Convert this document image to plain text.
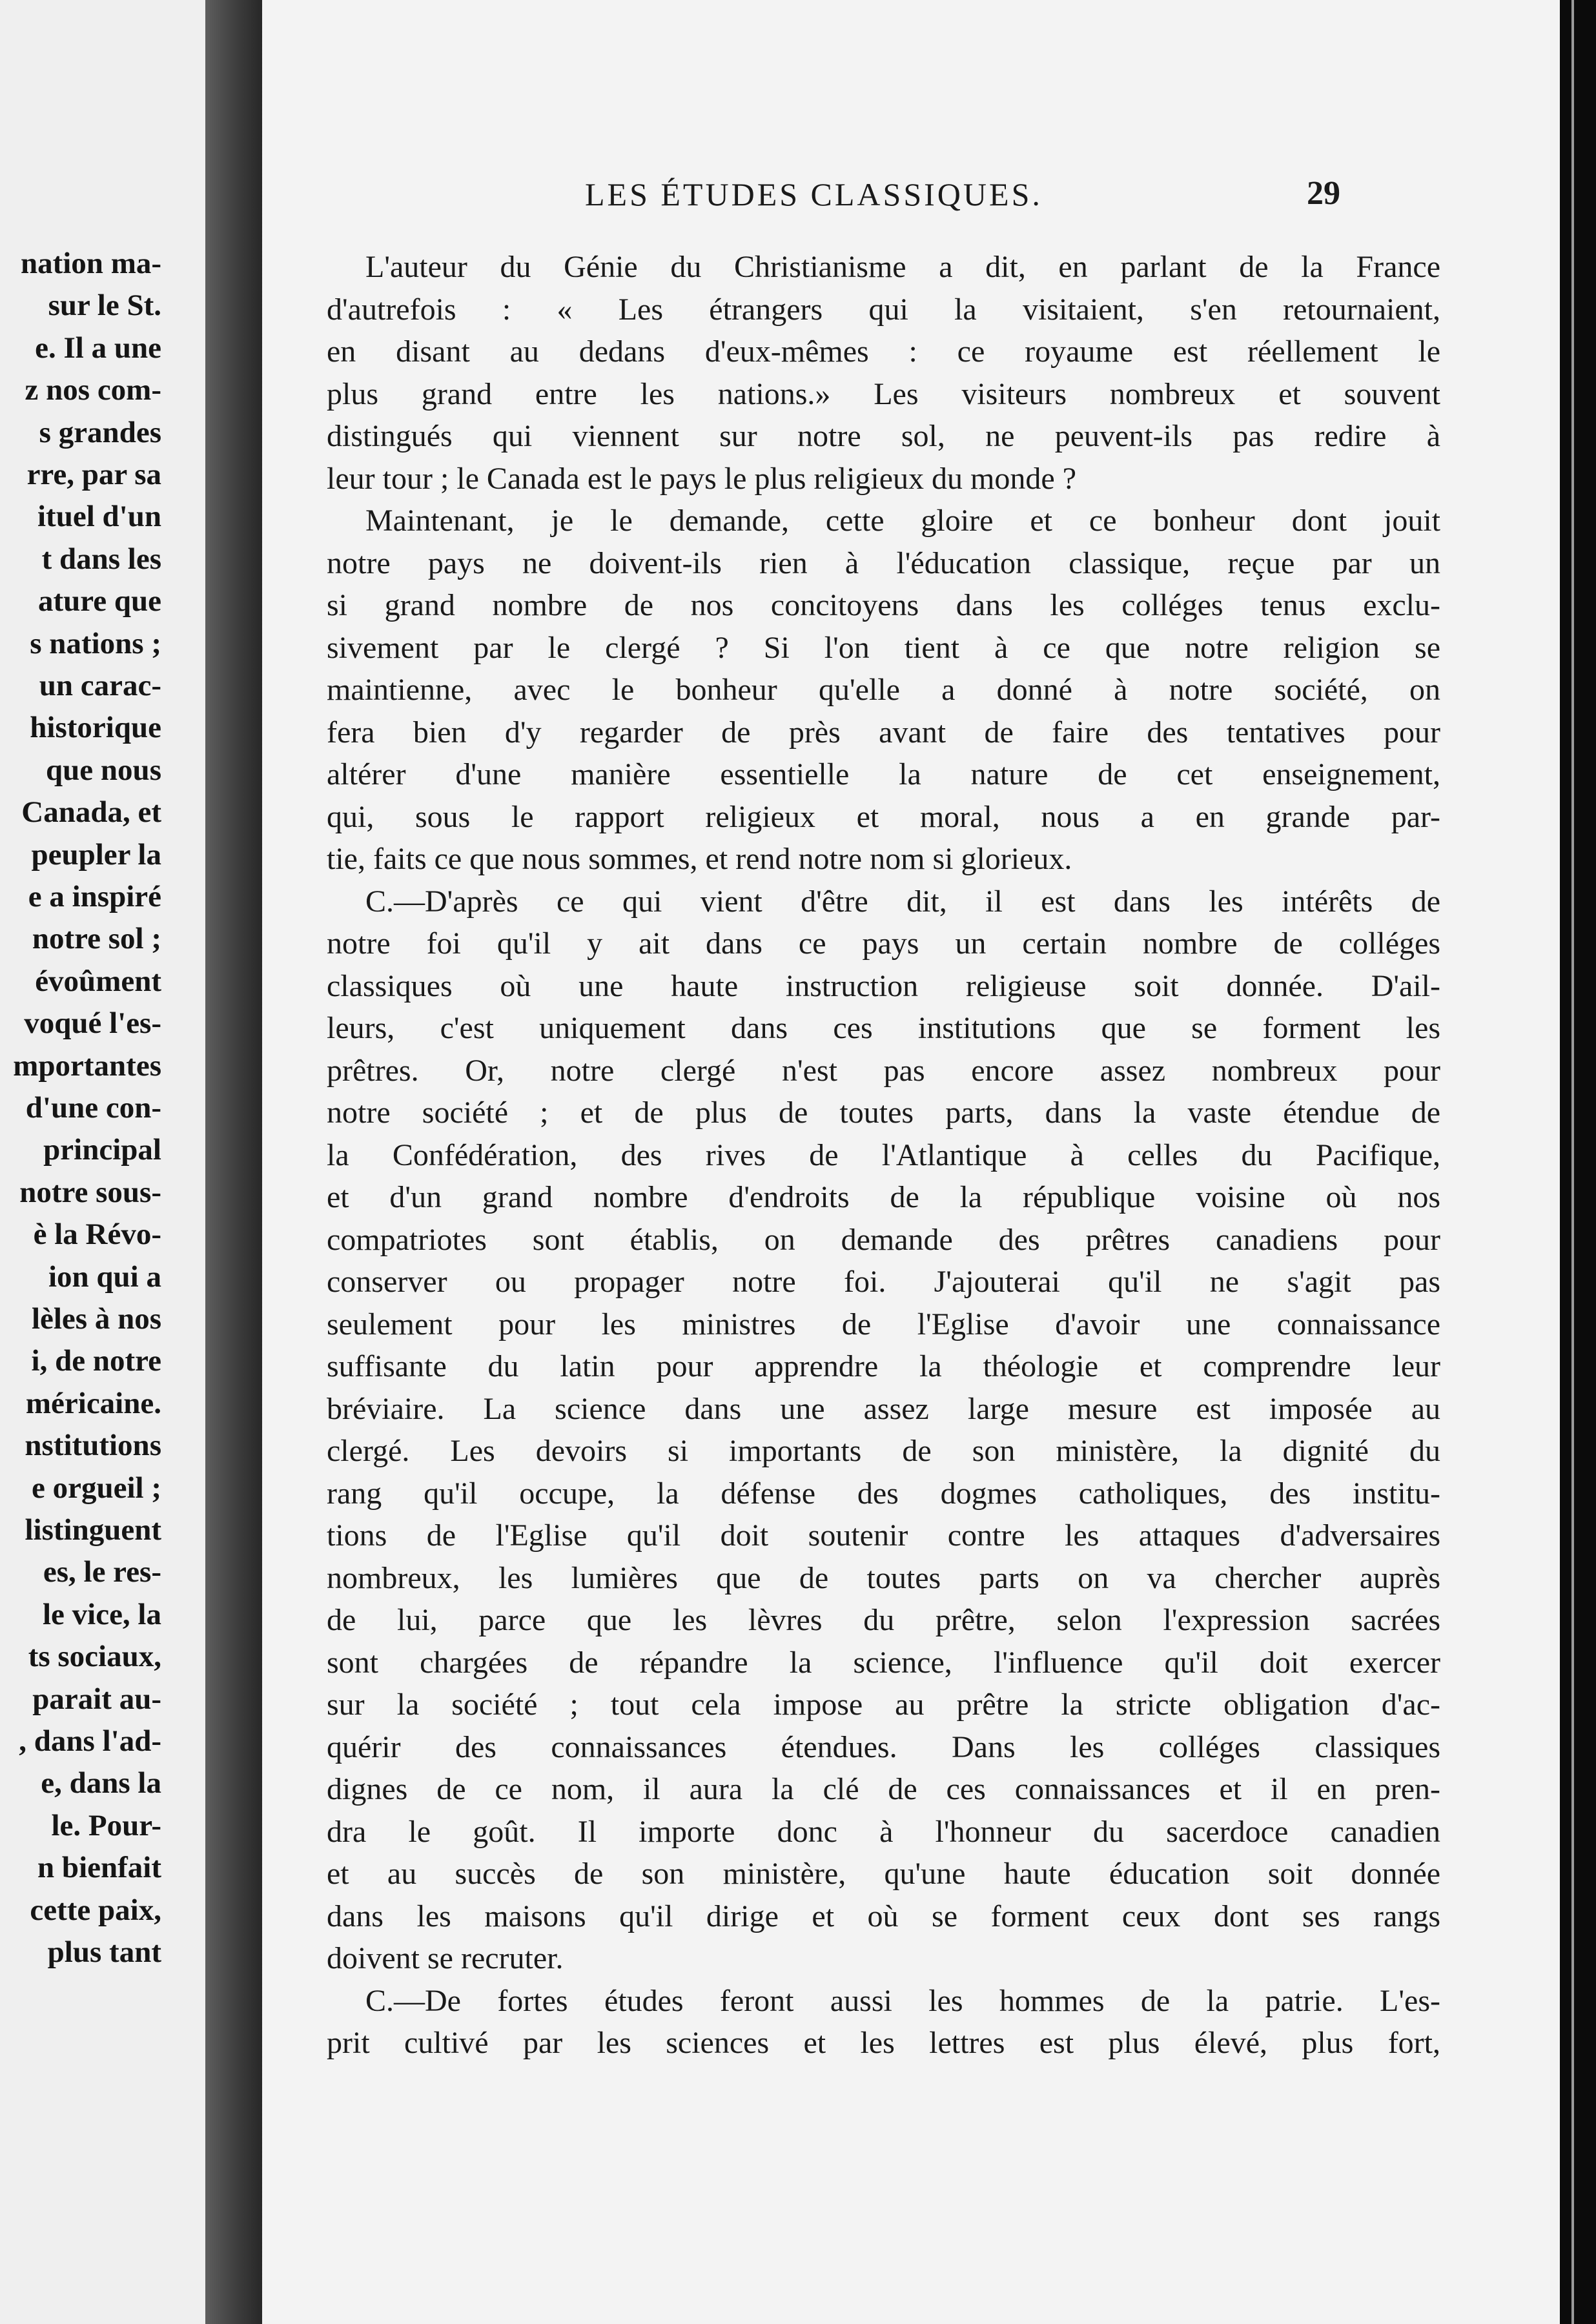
nation ma-
sur le St.
e. Il a une
z nos com-
s grandes
rre, par sa
ituel d'un
t dans les
ature que
s nations ;
un carac-
historique
que nous
Canada, et
peupler la
e a inspiré
notre sol ;
évoûment
voqué l'es-
mportantes
d'une con-
principal
notre sous-
è la Révo-
ion qui a
lèles à nos
i, de notre
méricaine.
nstitutions
e orgueil ;
listinguent
es, le res-
le vice, la
ts sociaux,
parait au-
, dans l'ad-
e, dans la
le. Pour-
n bienfait
cette paix,
plus tant
LES ÉTUDES CLASSIQUES.	29
L'auteur du Génie du Christianisme a dit, en parlant de la France
d'autrefois : « Les étrangers qui la visitaient, s'en retournaient,
en disant au dedans d'eux-mêmes : ce royaume est réellement le
plus grand entre les nations.» Les visiteurs nombreux et souvent
distingués qui viennent sur notre sol, ne peuvent-ils pas redire à
leur tour ; le Canada est le pays le plus religieux du monde ?
Maintenant, je le demande, cette gloire et ce bonheur dont jouit
notre pays ne doivent-ils rien à l'éducation classique, reçue par un
si grand nombre de nos concitoyens dans les colléges tenus exclu-
sivement par le clergé ? Si l'on tient à ce que notre religion se
maintienne, avec le bonheur qu'elle a donné à notre société, on
fera bien d'y regarder de près avant de faire des tentatives pour
altérer d'une manière essentielle la nature de cet enseignement,
qui, sous le rapport religieux et moral, nous a en grande par-
tie, faits ce que nous sommes, et rend notre nom si glorieux.
C.—D'après ce qui vient d'être dit, il est dans les intérêts de
notre foi qu'il y ait dans ce pays un certain nombre de colléges
classiques où une haute instruction religieuse soit donnée. D'ail-
leurs, c'est uniquement dans ces institutions que se forment les
prêtres. Or, notre clergé n'est pas encore assez nombreux pour
notre société ; et de plus de toutes parts, dans la vaste étendue de
la Confédération, des rives de l'Atlantique à celles du Pacifique,
et d'un grand nombre d'endroits de la république voisine où nos
compatriotes sont établis, on demande des prêtres canadiens pour
conserver ou propager notre foi. J'ajouterai qu'il ne s'agit pas
seulement pour les ministres de l'Eglise d'avoir une connaissance
suffisante du latin pour apprendre la théologie et comprendre leur
bréviaire. La science dans une assez large mesure est imposée au
clergé. Les devoirs si importants de son ministère, la dignité du
rang qu'il occupe, la défense des dogmes catholiques, des institu-
tions de l'Eglise qu'il doit soutenir contre les attaques d'adversaires
nombreux, les lumières que de toutes parts on va chercher auprès
de lui, parce que les lèvres du prêtre, selon l'expression sacrées
sont chargées de répandre la science, l'influence qu'il doit exercer
sur la société ; tout cela impose au prêtre la stricte obligation d'ac-
quérir des connaissances étendues. Dans les colléges classiques
dignes de ce nom, il aura la clé de ces connaissances et il en pren-
dra le goût. Il importe donc à l'honneur du sacerdoce canadien
et au succès de son ministère, qu'une haute éducation soit donnée
dans les maisons qu'il dirige et où se forment ceux dont ses rangs
doivent se recruter.
C.—De fortes études feront aussi les hommes de la patrie. L'es-
prit cultivé par les sciences et les lettres est plus élevé, plus fort,
